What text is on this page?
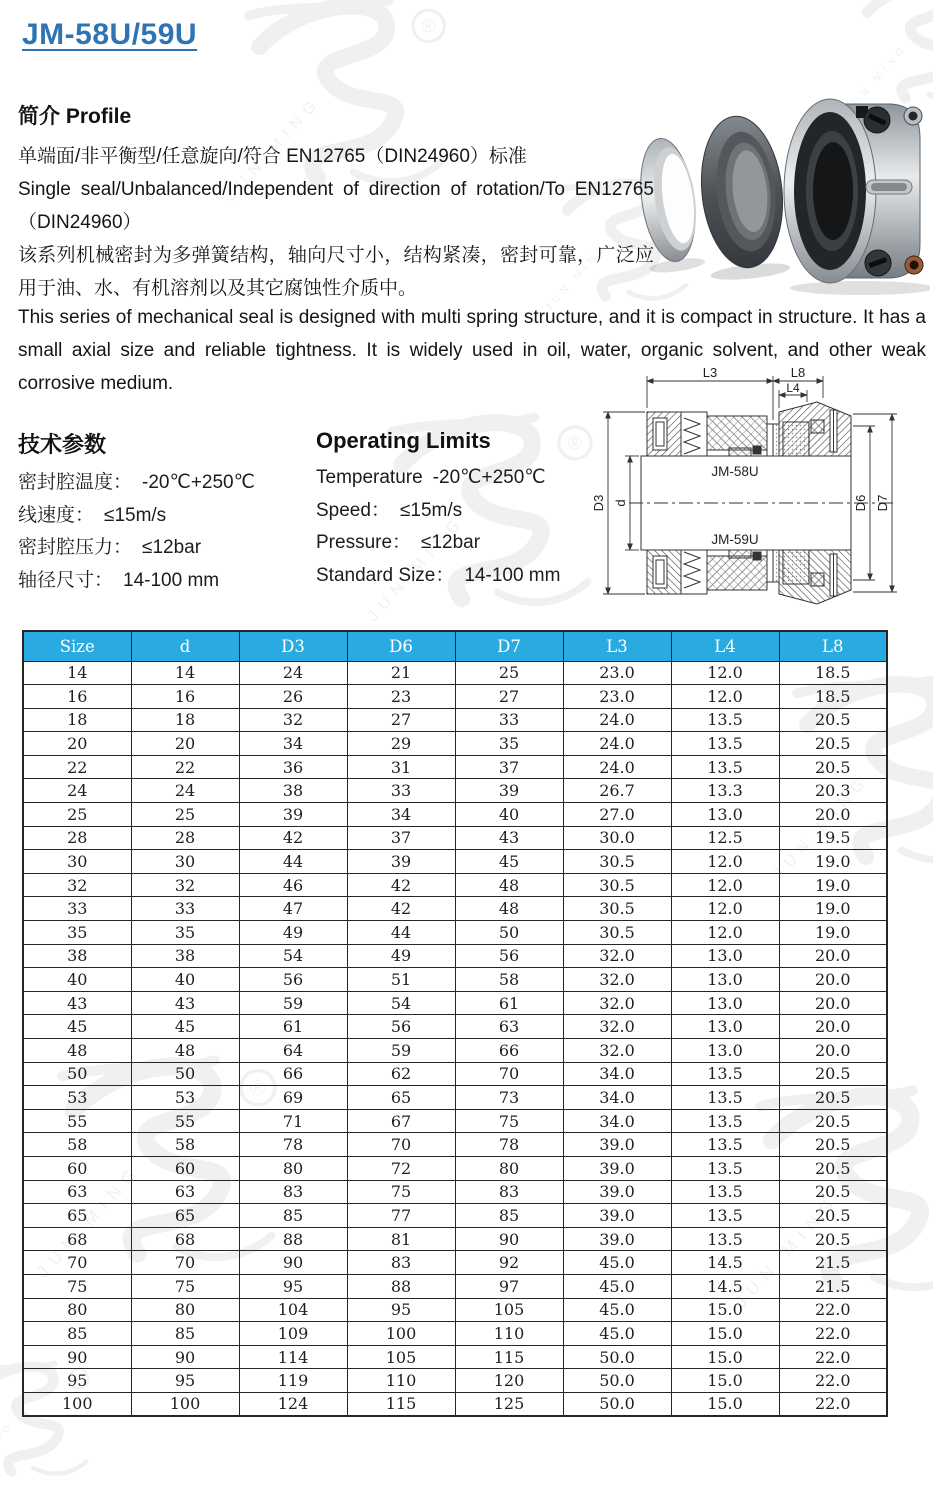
JM-58U/59U
简介 Profile

单端面/非平衡型/任意旋向/符合 EN12765（DIN24960）标准

Single seal/Unbalanced/Independent of direction of rotation/To EN12765（DIN24960）

该系列机械密封为多弹簧结构，轴向尺寸小，结构紧凑，密封可靠，广泛应用于油、水、有机溶剂以及其它腐蚀性介质中。

This series of mechanical seal is designed with multi spring structure, and it is compact in structure. It has a small axial size and reliable tightness. It is widely used in oil, water, organic solvent, and other weak corrosive medium.

技术参数
密封腔温度： -20℃+250℃
线速度： ≤15m/s
密封腔压力： ≤12bar
轴径尺寸： 14-100 mm
Operating Limits
Temperature -20℃+250℃
Speed： ≤15m/s
Pressure： ≤12bar
Standard Size： 14-100 mm
JM-58U
JM-59U
L3	L8
L4
D3 d	D6 D7
Size	d	D3	D6	D7	L3	L4	L8
14	14	24	21	25	23.0	12.0	18.5
16	16	26	23	27	23.0	12.0	18.5
18	18	32	27	33	24.0	13.5	20.5
20	20	34	29	35	24.0	13.5	20.5
22	22	36	31	37	24.0	13.5	20.5
24	24	38	33	39	26.7	13.3	20.3
25	25	39	34	40	27.0	13.0	20.0
28	28	42	37	43	30.0	12.5	19.5
30	30	44	39	45	30.5	12.0	19.0
32	32	46	42	48	30.5	12.0	19.0
33	33	47	42	48	30.5	12.0	19.0
35	35	49	44	50	30.5	12.0	19.0
38	38	54	49	56	32.0	13.0	20.0
40	40	56	51	58	32.0	13.0	20.0
43	43	59	54	61	32.0	13.0	20.0
45	45	61	56	63	32.0	13.0	20.0
48	48	64	59	66	32.0	13.0	20.0
50	50	66	62	70	34.0	13.5	20.5
53	53	69	65	73	34.0	13.5	20.5
55	55	71	67	75	34.0	13.5	20.5
58	58	78	70	78	39.0	13.5	20.5
60	60	80	72	80	39.0	13.5	20.5
63	63	83	75	83	39.0	13.5	20.5
65	65	85	77	85	39.0	13.5	20.5
68	68	88	81	90	39.0	13.5	20.5
70	70	90	83	92	45.0	14.5	21.5
75	75	95	88	97	45.0	14.5	21.5
80	80	104	95	105	45.0	15.0	22.0
85	85	109	100	110	45.0	15.0	22.0
90	90	114	105	115	50.0	15.0	22.0
95	95	119	110	120	50.0	15.0	22.0
100	100	124	115	125	50.0	15.0	22.0
